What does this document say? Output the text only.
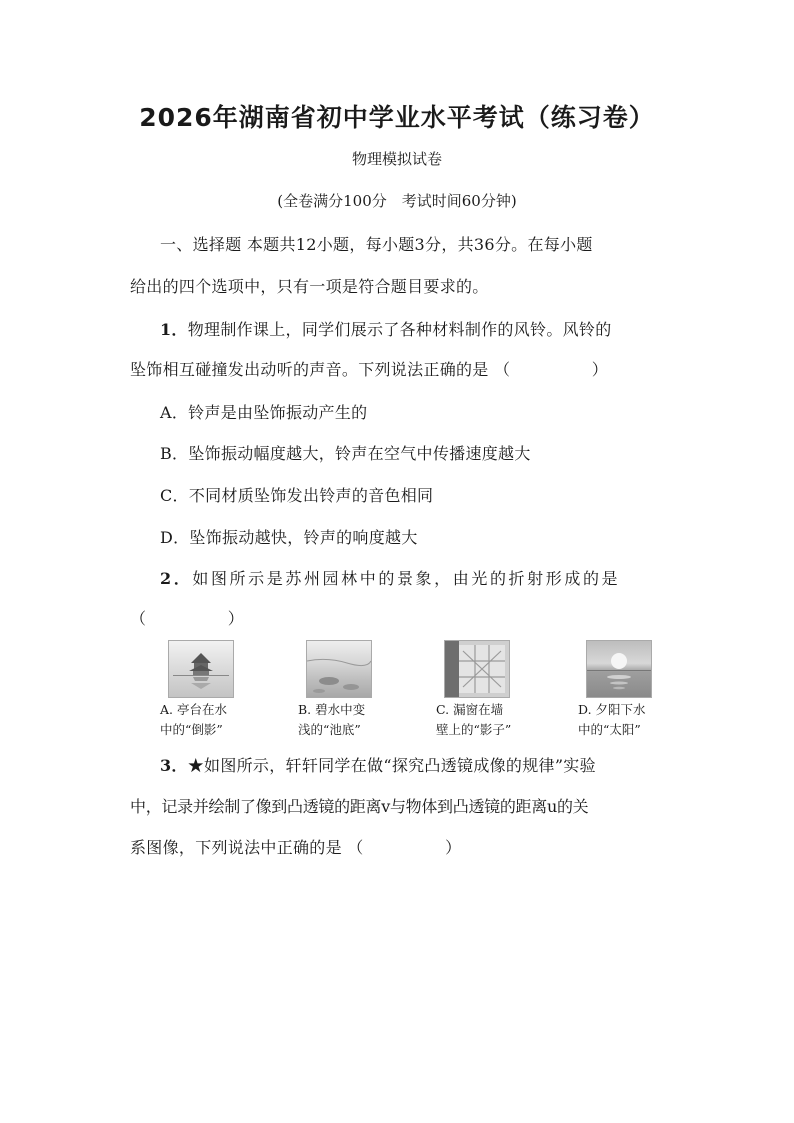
2026年湖南省初中学业水平考试（练习卷）
物理模拟试卷
(全卷满分100分　考试时间60分钟)
一、选择题 本题共12小题，每小题3分，共36分。在每小题
给出的四个选项中，只有一项是符合题目要求的。
1．物理制作课上，同学们展示了各种材料制作的风铃。风铃的
坠饰相互碰撞发出动听的声音。下列说法正确的是 （　　　　　）
A．铃声是由坠饰振动产生的
B．坠饰振动幅度越大，铃声在空气中传播速度越大
C．不同材质坠饰发出铃声的音色相同
D．坠饰振动越快，铃声的响度越大
2．如图所示是苏州园林中的景象，由光的折射形成的是
（　　　　　）
A. 亭台在水
中的“倒影”
B. 碧水中变
浅的“池底”
C. 漏窗在墙
壁上的“影子”
D. 夕阳下水
中的“太阳”
3．★如图所示，轩轩同学在做“探究凸透镜成像的规律”实验
中，记录并绘制了像到凸透镜的距离v与物体到凸透镜的距离u的关
系图像，下列说法中正确的是 （　　　　　）
